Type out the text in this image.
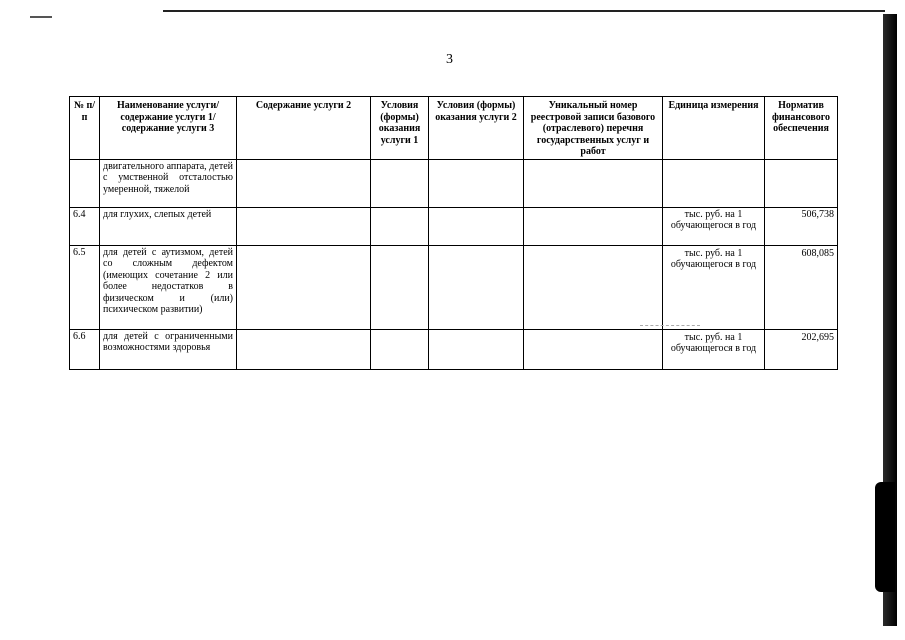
3
№ п/п	Наименование услуги/ содержание услуги 1/ содержание услуги 3	Содержание услуги 2	Условия (формы) оказания услуги 1	Условия (формы) оказания услуги 2	Уникальный номер реестровой записи базового (отраслевого) перечня государственных услуг и работ	Единица измерения	Норматив финансового обеспечения
	двигательного аппарата, детей с умственной отсталостью умеренной, тяжелой						
6.4	для глухих, слепых детей					тыс. руб. на 1 обучающегося в год	506,738
6.5	для детей с аутизмом, детей со сложным дефектом (имеющих сочетание 2 или более недостатков в физическом и (или) психическом развитии)					тыс. руб. на 1 обучающегося в год	608,085
6.6	для детей с ограниченными возможностями здоровья					тыс. руб. на 1 обучающегося в год	202,695
